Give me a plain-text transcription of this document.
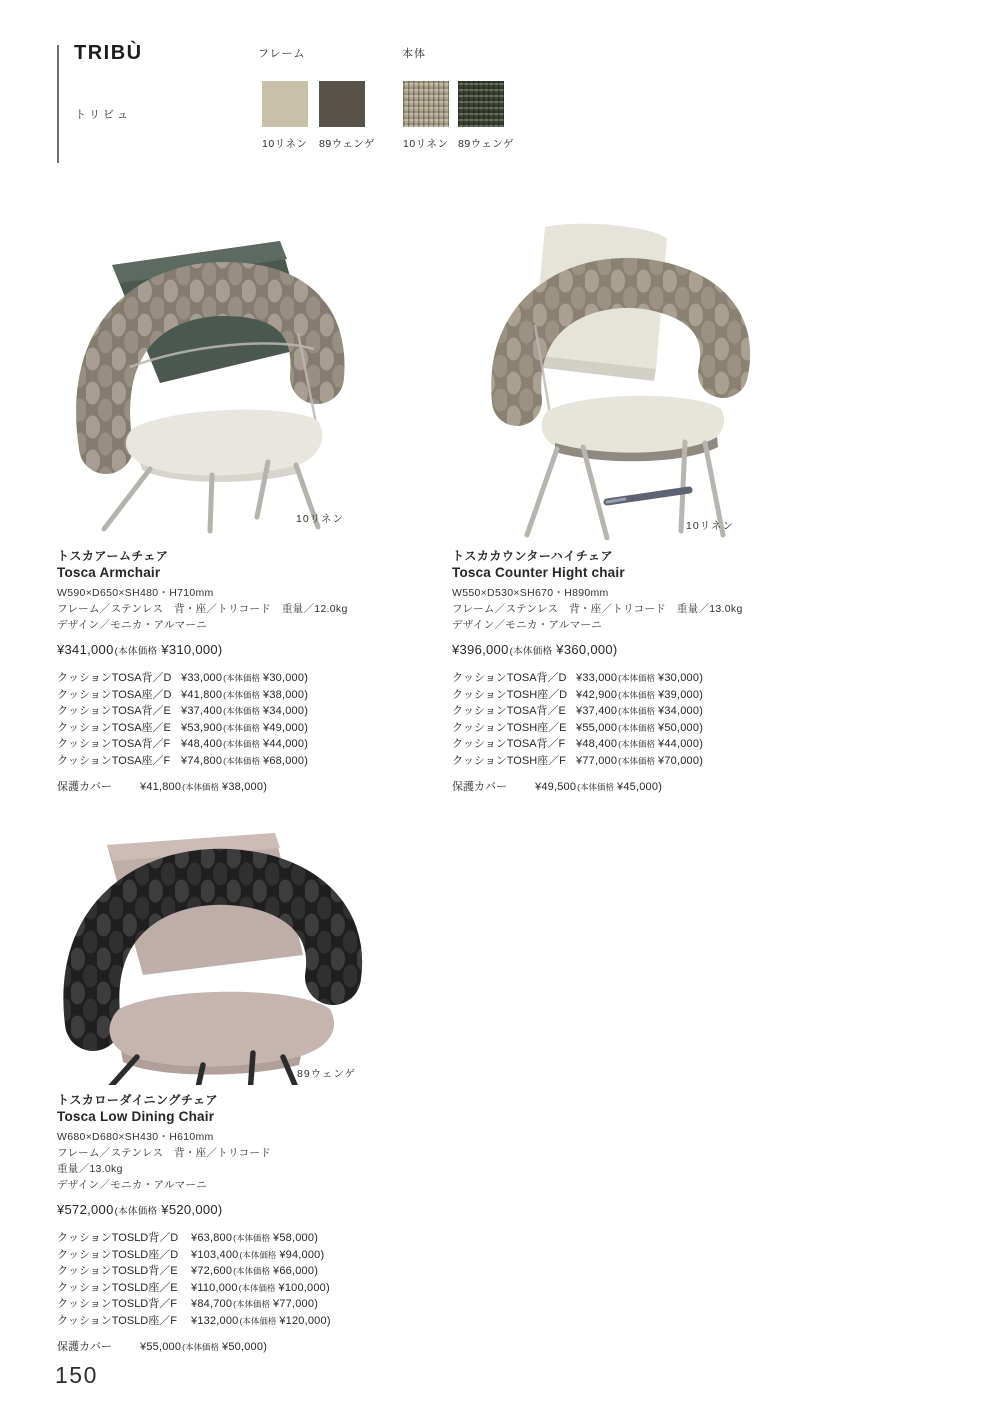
TRIBÙ
トリビュ
フレーム	本体
10リネン 89ウェンゲ	10リネン 89ウェンゲ
10リネン
10リネン
89ウェンゲ
トスカアームチェア
Tosca Armchair
W590×D650×SH480・H710mm
フレーム／ステンレス　背・座／トリコード　重量／12.0kg
デザイン／モニカ・アルマーニ
¥341,000(本体価格 ¥310,000)
クッションTOSA背／D ¥33,000 (本体価格 ¥30,000 )
クッションTOSA座／D ¥41,800 (本体価格 ¥38,000 )
クッションTOSA背／E ¥37,400 (本体価格 ¥34,000 )
クッションTOSA座／E ¥53,900 (本体価格 ¥49,000 )
クッションTOSA背／F ¥48,400 (本体価格 ¥44,000 )
クッションTOSA座／F ¥74,800 (本体価格 ¥68,000 )
保護カバー	¥41,800 (本体価格 ¥38,000 )
トスカカウンターハイチェア
Tosca Counter Hight chair
W550×D530×SH670・H890mm
フレーム／ステンレス　背・座／トリコード　重量／13.0kg
デザイン／モニカ・アルマーニ
¥396,000(本体価格 ¥360,000)
クッションTOSA背／D ¥33,000 (本体価格 ¥30,000 )
クッションTOSH座／D ¥42,900 (本体価格 ¥39,000 )
クッションTOSA背／E ¥37,400 (本体価格 ¥34,000 )
クッションTOSH座／E ¥55,000 (本体価格 ¥50,000 )
クッションTOSA背／F ¥48,400 (本体価格 ¥44,000 )
クッションTOSH座／F ¥77,000 (本体価格 ¥70,000 )
保護カバー	¥49,500 (本体価格 ¥45,000 )
トスカローダイニングチェア
Tosca Low Dining Chair
W680×D680×SH430・H610mm
フレーム／ステンレス　背・座／トリコード
重量／13.0kg
デザイン／モニカ・アルマーニ
¥572,000(本体価格 ¥520,000)
クッションTOSLD背／D	¥63,800 (本体価格 ¥58,000 )
クッションTOSLD座／D	¥103,400 (本体価格 ¥94,000 )
クッションTOSLD背／E	¥72,600 (本体価格 ¥66,000 )
クッションTOSLD座／E	¥110,000 (本体価格 ¥100,000 )
クッションTOSLD背／F	¥84,700 (本体価格 ¥77,000 )
クッションTOSLD座／F	¥132,000 (本体価格 ¥120,000 )
保護カバー	¥55,000 (本体価格 ¥50,000 )
150
